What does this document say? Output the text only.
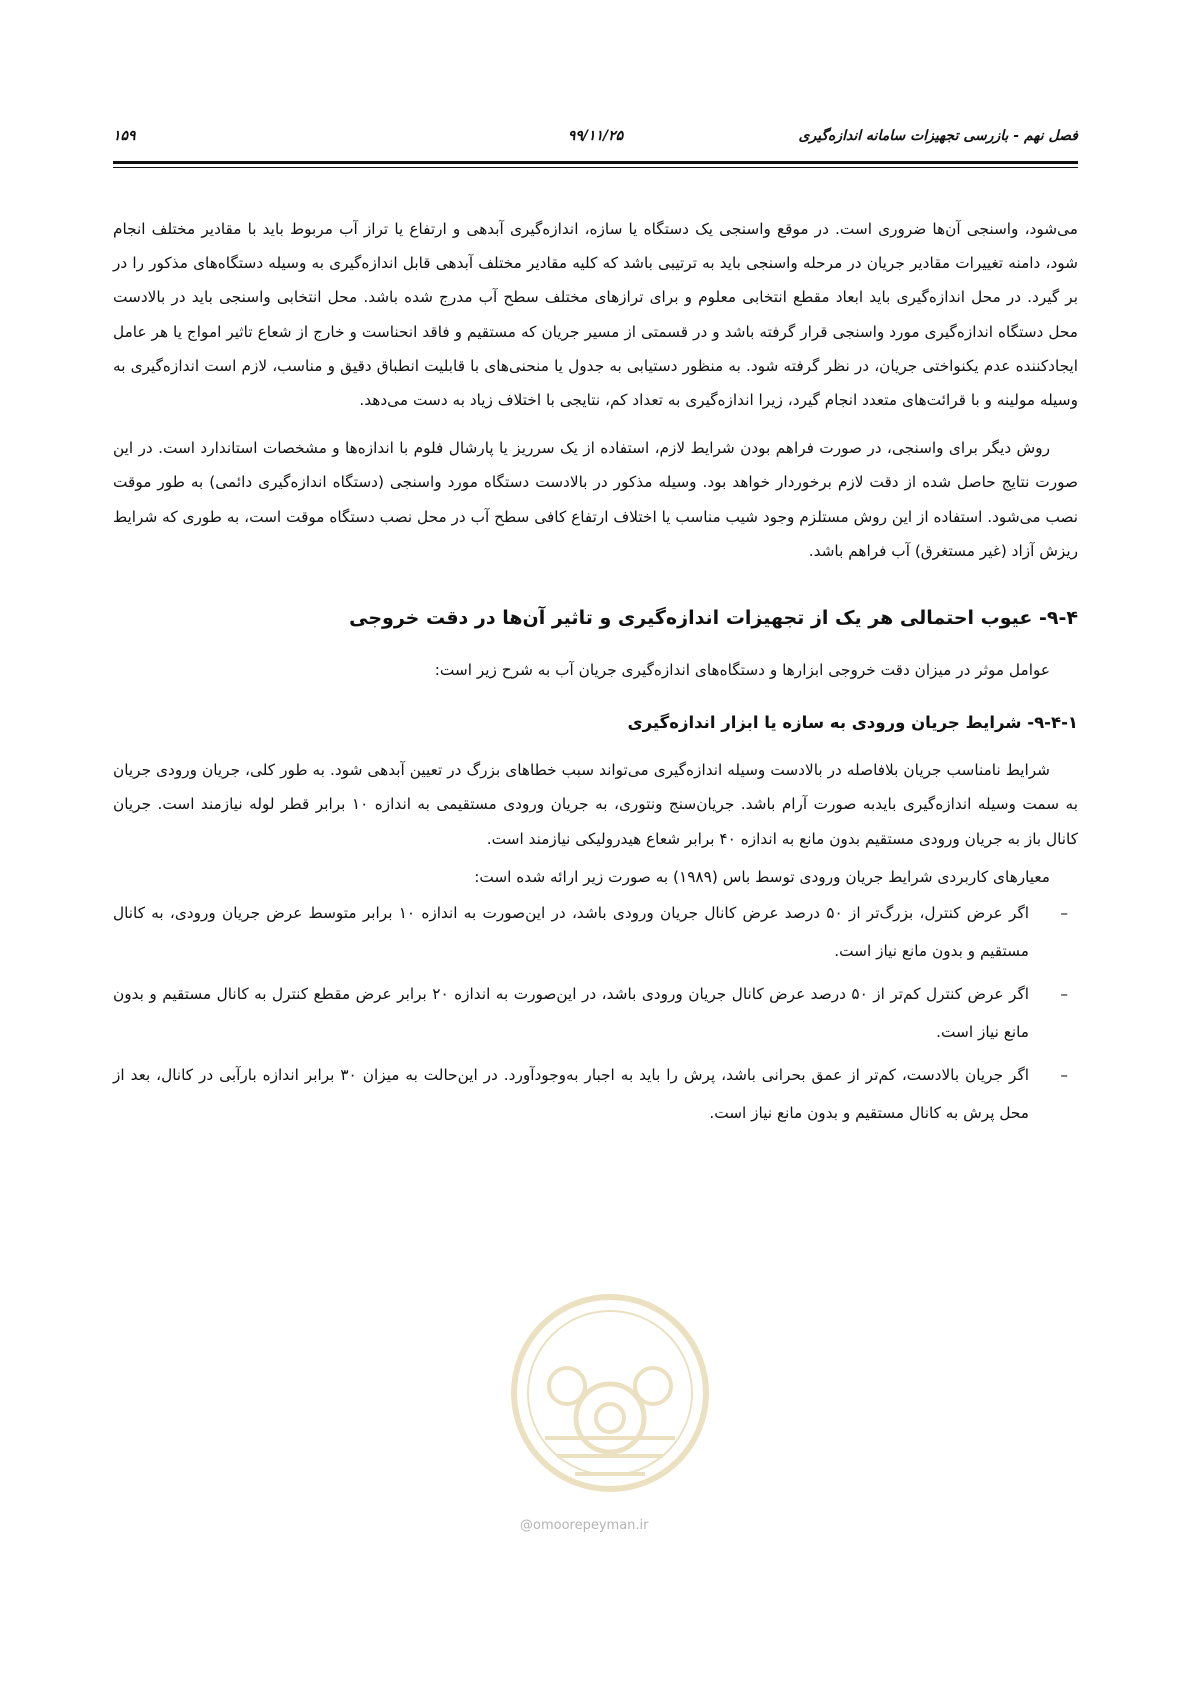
فصل نهم - بازرسی تجهیزات سامانه اندازه‌گیری
۹۹/۱۱/۲۵
۱۵۹

می‌شود، واسنجی آن‌ها ضروری است. در موقع واسنجی یک دستگاه یا سازه، اندازه‌گیری آبدهی و ارتفاع یا تراز آب مربوط باید با مقادیر مختلف انجام شود، دامنه تغییرات مقادیر جریان در مرحله واسنجی باید به ترتیبی باشد که کلیه مقادیر مختلف آبدهی قابل اندازه‌گیری به وسیله دستگاه‌های مذکور را در بر گیرد. در محل اندازه‌گیری باید ابعاد مقطع انتخابی معلوم و برای ترازهای مختلف سطح آب مدرج شده باشد. محل انتخابی واسنجی باید در بالادست محل دستگاه اندازه‌گیری مورد واسنجی قرار گرفته باشد و در قسمتی از مسیر جریان که مستقیم و فاقد انحناست و خارج از شعاع تاثیر امواج یا هر عامل ایجادکننده عدم یکنواختی جریان، در نظر گرفته شود. به منظور دستیابی به جدول یا منحنی‌های با قابلیت انطباق دقیق و مناسب، لازم است اندازه‌گیری به وسیله مولینه و با قرائت‌های متعدد انجام گیرد، زیرا اندازه‌گیری به تعداد کم، نتایجی با اختلاف زیاد به دست می‌دهد.

روش دیگر برای واسنجی، در صورت فراهم بودن شرایط لازم، استفاده از یک سرریز یا پارشال فلوم با اندازه‌ها و مشخصات استاندارد است. در این صورت نتایج حاصل شده از دقت لازم برخوردار خواهد بود. وسیله مذکور در بالادست دستگاه مورد واسنجی (دستگاه اندازه‌گیری دائمی) به طور موقت نصب می‌شود. استفاده از این روش مستلزم وجود شیب مناسب یا اختلاف ارتفاع کافی سطح آب در محل نصب دستگاه موقت است، به طوری که شرایط ریزش آزاد (غیر مستغرق) آب فراهم باشد.

۹-۴- عیوب احتمالی هر یک از تجهیزات اندازه‌گیری و تاثیر آن‌ها در دقت خروجی

عوامل موثر در میزان دقت خروجی ابزارها و دستگاه‌های اندازه‌گیری جریان آب به شرح زیر است:

۹-۴-۱- شرایط جریان ورودی به سازه یا ابزار اندازه‌گیری

شرایط نامناسب جریان بلافاصله در بالادست وسیله اندازه‌گیری می‌تواند سبب خطاهای بزرگ در تعیین آبدهی شود. به طور کلی، جریان ورودی جریان به سمت وسیله اندازه‌گیری بایدبه صورت آرام باشد. جریان‌سنج ونتوری، به جریان ورودی مستقیمی به اندازه ۱۰ برابر قطر لوله نیازمند است. جریان کانال باز به جریان ورودی مستقیم بدون مانع به اندازه ۴۰ برابر شعاع هیدرولیکی نیازمند است.

معیارهای کاربردی شرایط جریان ورودی توسط باس (۱۹۸۹) به صورت زیر ارائه شده است:

–
اگر عرض کنترل، بزرگ‌تر از ۵۰ درصد عرض کانال جریان ورودی باشد، در این‌صورت به اندازه ۱۰ برابر متوسط عرض جریان ورودی، به کانال مستقیم و بدون مانع نیاز است.
–
اگر عرض کنترل کم‌تر از ۵۰ درصد عرض کانال جریان ورودی باشد، در این‌صورت به اندازه ۲۰ برابر عرض مقطع کنترل به کانال مستقیم و بدون مانع نیاز است.
–
اگر جریان بالادست، کم‌تر از عمق بحرانی باشد، پرش را باید به اجبار به‌وجودآورد. در این‌حالت به میزان ۳۰ برابر اندازه بارآبی در کانال، بعد از محل پرش به کانال مستقیم و بدون مانع نیاز است.
@omoorepeyman.ir
